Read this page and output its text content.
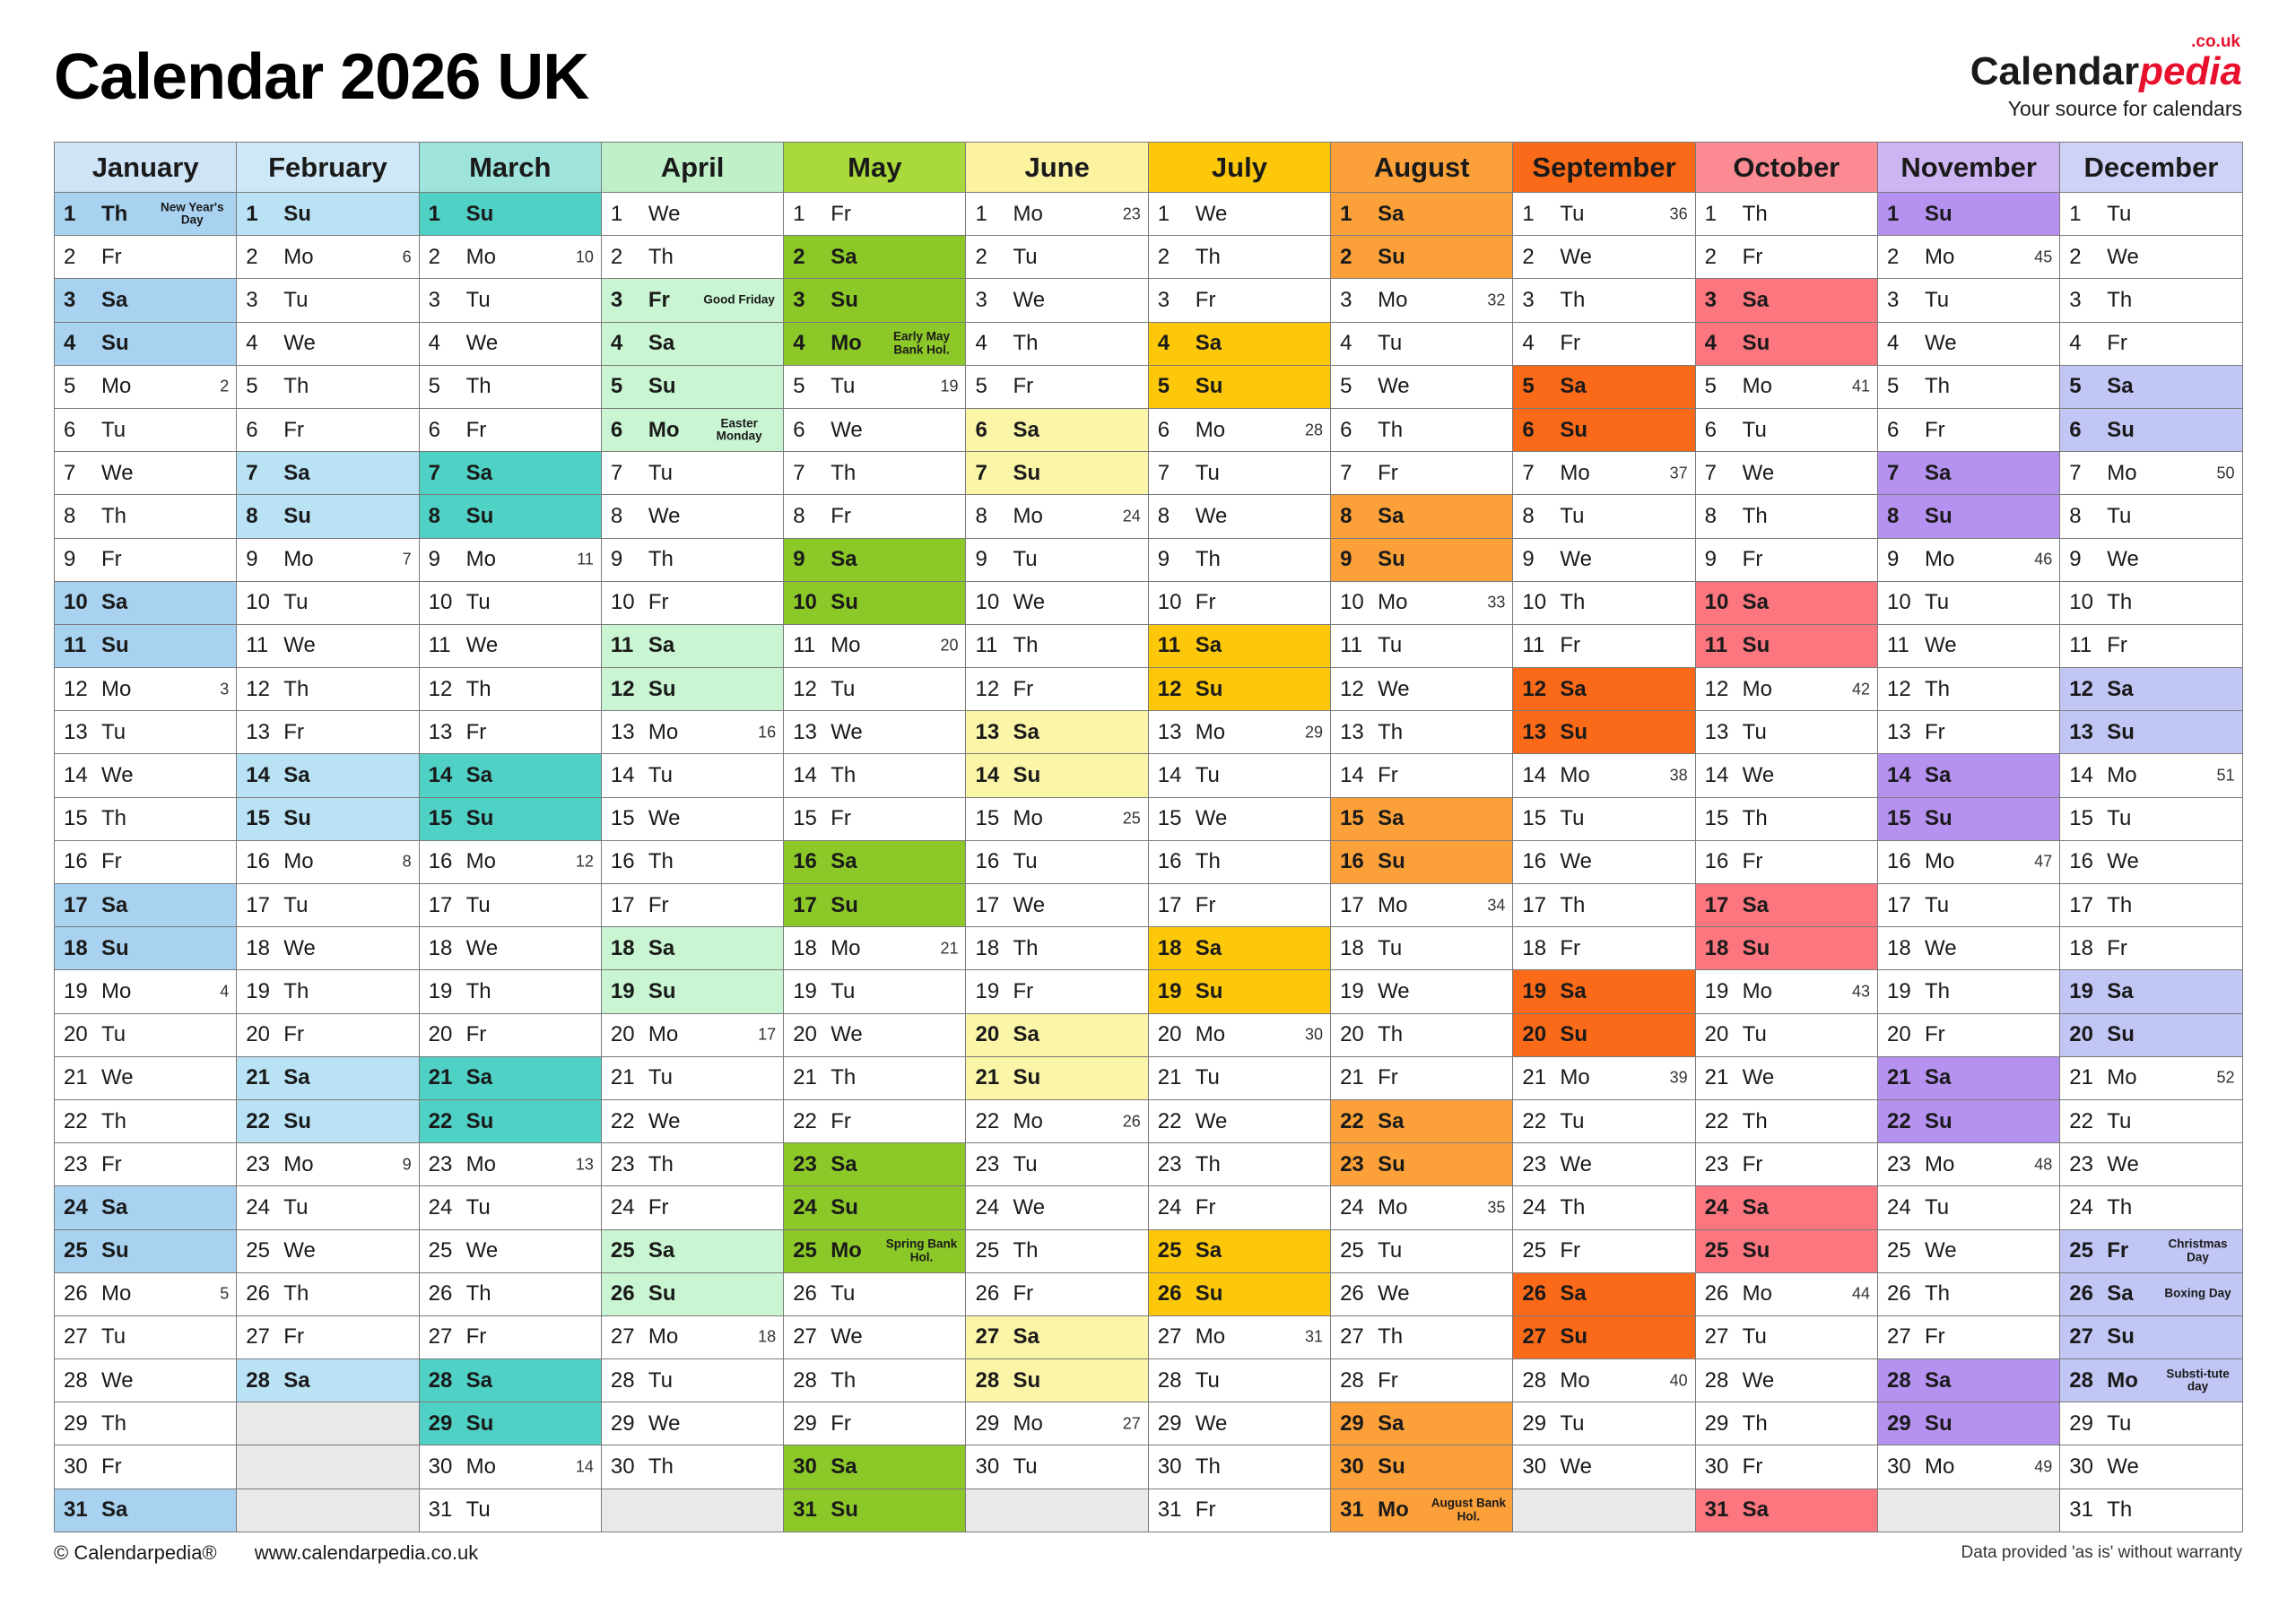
Calendar 2026 UK	.co.uk
Calendarpedia
Your source for calendars
January	February	March	April	May	June	July	August	September	October	November	December

1 Th New Year's Day	1 Su	1 Su	1 We	1 Fr	1 Mo 23	1 We	1 Sa	1 Tu 36	1 Th	1 Su	1 Tu

2 Fr	2 Mo 6	2 Mo 10	2 Th	2 Sa	2 Tu	2 Th	2 Su	2 We	2 Fr	2 Mo 45	2 We

3 Sa	3 Tu	3 Tu	3 Fr Good Friday	3 Su	3 We	3 Fr	3 Mo 32	3 Th	3 Sa	3 Tu	3 Th

4 Su	4 We	4 We	4 Sa	4 Mo Early May Bank Hol.	4 Th	4 Sa	4 Tu	4 Fr	4 Su	4 We	4 Fr

5 Mo 2	5 Th	5 Th	5 Su	5 Tu 19	5 Fr	5 Su	5 We	5 Sa	5 Mo 41	5 Th	5 Sa

6 Tu	6 Fr	6 Fr	6 Mo Easter Monday	6 We	6 Sa	6 Mo 28	6 Th	6 Su	6 Tu	6 Fr	6 Su

7 We	7 Sa	7 Sa	7 Tu	7 Th	7 Su	7 Tu	7 Fr	7 Mo 37	7 We	7 Sa	7 Mo 50

8 Th	8 Su	8 Su	8 We	8 Fr	8 Mo 24	8 We	8 Sa	8 Tu	8 Th	8 Su	8 Tu

9 Fr	9 Mo 7	9 Mo 11	9 Th	9 Sa	9 Tu	9 Th	9 Su	9 We	9 Fr	9 Mo 46	9 We

10 Sa	10 Tu	10 Tu	10 Fr	10 Su	10 We	10 Fr	10 Mo 33	10 Th	10 Sa	10 Tu	10 Th

11 Su	11 We	11 We	11 Sa	11 Mo 20	11 Th	11 Sa	11 Tu	11 Fr	11 Su	11 We	11 Fr

12 Mo 3	12 Th	12 Th	12 Su	12 Tu	12 Fr	12 Su	12 We	12 Sa	12 Mo 42	12 Th	12 Sa

13 Tu	13 Fr	13 Fr	13 Mo 16	13 We	13 Sa	13 Mo 29	13 Th	13 Su	13 Tu	13 Fr	13 Su

14 We	14 Sa	14 Sa	14 Tu	14 Th	14 Su	14 Tu	14 Fr	14 Mo 38	14 We	14 Sa	14 Mo 51

15 Th	15 Su	15 Su	15 We	15 Fr	15 Mo 25	15 We	15 Sa	15 Tu	15 Th	15 Su	15 Tu

16 Fr	16 Mo 8	16 Mo 12	16 Th	16 Sa	16 Tu	16 Th	16 Su	16 We	16 Fr	16 Mo 47	16 We

17 Sa	17 Tu	17 Tu	17 Fr	17 Su	17 We	17 Fr	17 Mo 34	17 Th	17 Sa	17 Tu	17 Th

18 Su	18 We	18 We	18 Sa	18 Mo 21	18 Th	18 Sa	18 Tu	18 Fr	18 Su	18 We	18 Fr

19 Mo 4	19 Th	19 Th	19 Su	19 Tu	19 Fr	19 Su	19 We	19 Sa	19 Mo 43	19 Th	19 Sa

20 Tu	20 Fr	20 Fr	20 Mo 17	20 We	20 Sa	20 Mo 30	20 Th	20 Su	20 Tu	20 Fr	20 Su

21 We	21 Sa	21 Sa	21 Tu	21 Th	21 Su	21 Tu	21 Fr	21 Mo 39	21 We	21 Sa	21 Mo 52

22 Th	22 Su	22 Su	22 We	22 Fr	22 Mo 26	22 We	22 Sa	22 Tu	22 Th	22 Su	22 Tu

23 Fr	23 Mo 9	23 Mo 13	23 Th	23 Sa	23 Tu	23 Th	23 Su	23 We	23 Fr	23 Mo 48	23 We

24 Sa	24 Tu	24 Tu	24 Fr	24 Su	24 We	24 Fr	24 Mo 35	24 Th	24 Sa	24 Tu	24 Th

25 Su	25 We	25 We	25 Sa	25 Mo Spring Bank Hol.	25 Th	25 Sa	25 Tu	25 Fr	25 Su	25 We	25 Fr Christmas Day

26 Mo 5	26 Th	26 Th	26 Su	26 Tu	26 Fr	26 Su	26 We	26 Sa	26 Mo 44	26 Th	26 Sa Boxing Day

27 Tu	27 Fr	27 Fr	27 Mo 18	27 We	27 Sa	27 Mo 31	27 Th	27 Su	27 Tu	27 Fr	27 Su

28 We	28 Sa	28 Sa	28 Tu	28 Th	28 Su	28 Tu	28 Fr	28 Mo 40	28 We	28 Sa	28 Mo Substi-tute day

29 Th		29 Su	29 We	29 Fr	29 Mo 27	29 We	29 Sa	29 Tu	29 Th	29 Su	29 Tu

30 Fr		30 Mo 14	30 Th	30 Sa	30 Tu	30 Th	30 Su	30 We	30 Fr	30 Mo 49	30 We

31 Sa		31 Tu		31 Su		31 Fr	31 Mo August Bank Hol.		31 Sa		31 Th
© Calendarpedia® www.calendarpedia.co.uk	Data provided 'as is' without warranty
